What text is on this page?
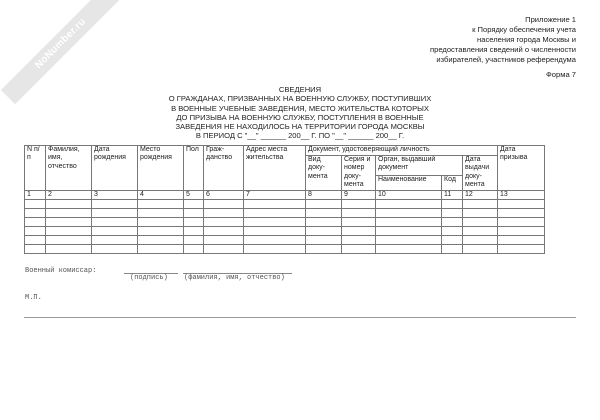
NoNumber.ru	Приложение 1
к Порядку обеспечения учета
населения города Москвы и
предоставления сведений о численности
избирателей, участников референдума
Форма 7
СВЕДЕНИЯ
О ГРАЖДАНАХ, ПРИЗВАННЫХ НА ВОЕННУЮ СЛУЖБУ, ПОСТУПИВШИХ
В ВОЕННЫЕ УЧЕБНЫЕ ЗАВЕДЕНИЯ, МЕСТО ЖИТЕЛЬСТВА КОТОРЫХ
ДО ПРИЗЫВА НА ВОЕННУЮ СЛУЖБУ, ПОСТУПЛЕНИЯ В ВОЕННЫЕ
ЗАВЕДЕНИЯ НЕ НАХОДИЛОСЬ НА ТЕРРИТОРИИ ГОРОДА МОСКВЫ
В ПЕРИОД С "__" ______ 200__ Г. ПО "__" ______ 200__ Г.
N п/п	Фамилия, имя, отчество	Дата рождения	Место рождения	Пол	Граж-данство	Адрес места жительства	Документ, удостоверяющий личность					Дата призыва
							Вид доку-мента	Серия и номер доку-мента	Орган, выдавший документ		Дата выдачи доку-мента	
									Наименование	Код		
1	2	3	4	5	6	7	8	9	10	11	12	13

Военный комиссар:
(подпись) (фамилия, имя, отчество)
М.П.
